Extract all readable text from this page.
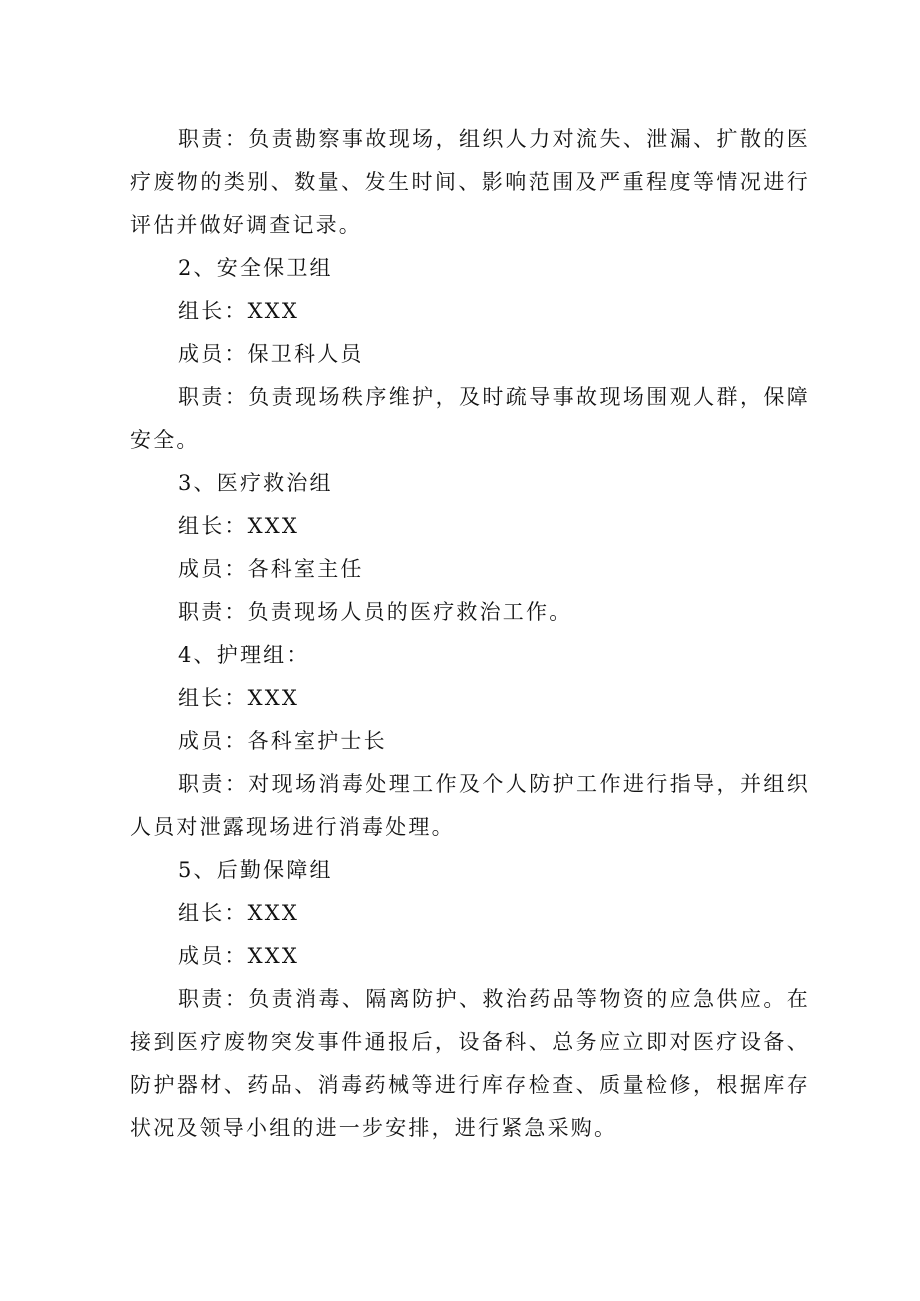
职责：负责勘察事故现场，组织人力对流失、泄漏、扩散的医疗废物的类别、数量、发生时间、影响范围及严重程度等情况进行评估并做好调查记录。

2、安全保卫组

组长：XXX

成员：保卫科人员

职责：负责现场秩序维护，及时疏导事故现场围观人群，保障安全。

3、医疗救治组

组长：XXX

成员：各科室主任

职责：负责现场人员的医疗救治工作。

4、护理组：

组长：XXX

成员：各科室护士长

职责：对现场消毒处理工作及个人防护工作进行指导，并组织人员对泄露现场进行消毒处理。

5、后勤保障组

组长：XXX

成员：XXX

职责：负责消毒、隔离防护、救治药品等物资的应急供应。在接到医疗废物突发事件通报后，设备科、总务应立即对医疗设备、防护器材、药品、消毒药械等进行库存检查、质量检修，根据库存状况及领导小组的进一步安排，进行紧急采购。
